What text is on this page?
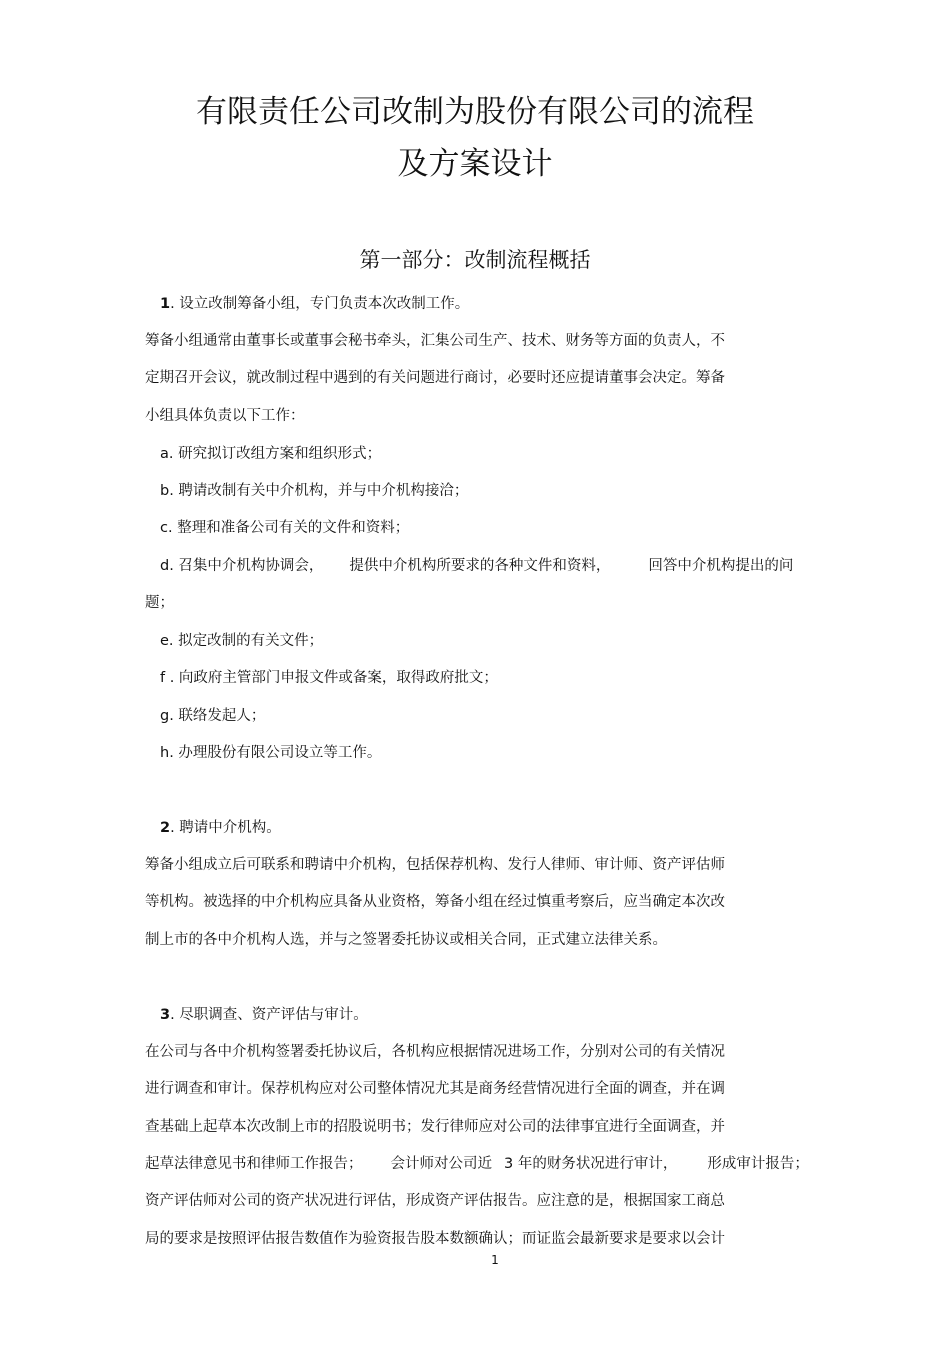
有限责任公司改制为股份有限公司的流程
及方案设计
第一部分：改制流程概括

1. 设立改制筹备小组，专门负责本次改制工作。

筹备小组通常由董事长或董事会秘书牵头，汇集公司生产、技术、财务等方面的负责人，不

定期召开会议，就改制过程中遇到的有关问题进行商讨，必要时还应提请董事会决定。筹备

小组具体负责以下工作：

a. 研究拟订改组方案和组织形式；

b. 聘请改制有关中介机构，并与中介机构接洽；

c. 整理和准备公司有关的文件和资料；

d. 召集中介机构协调会， 提供中介机构所要求的各种文件和资料，	回答中介机构提出的问

题；

e. 拟定改制的有关文件；

f . 向政府主管部门申报文件或备案，取得政府批文；

g. 联络发起人；

h. 办理股份有限公司设立等工作。

2. 聘请中介机构。

筹备小组成立后可联系和聘请中介机构，包括保荐机构、发行人律师、审计师、资产评估师

等机构。被选择的中介机构应具备从业资格，筹备小组在经过慎重考察后，应当确定本次改

制上市的各中介机构人选，并与之签署委托协议或相关合同，正式建立法律关系。

3. 尽职调查、资产评估与审计。

在公司与各中介机构签署委托协议后，各机构应根据情况进场工作，分别对公司的有关情况

进行调查和审计。保荐机构应对公司整体情况尤其是商务经营情况进行全面的调查，并在调

查基础上起草本次改制上市的招股说明书；发行律师应对公司的法律事宜进行全面调查，并

起草法律意见书和律师工作报告； 会计师对公司近 3 年的财务状况进行审计， 形成审计报告；

资产评估师对公司的资产状况进行评估，形成资产评估报告。应注意的是，根据国家工商总

局的要求是按照评估报告数值作为验资报告股本数额确认；而证监会最新要求是要求以会计

1
